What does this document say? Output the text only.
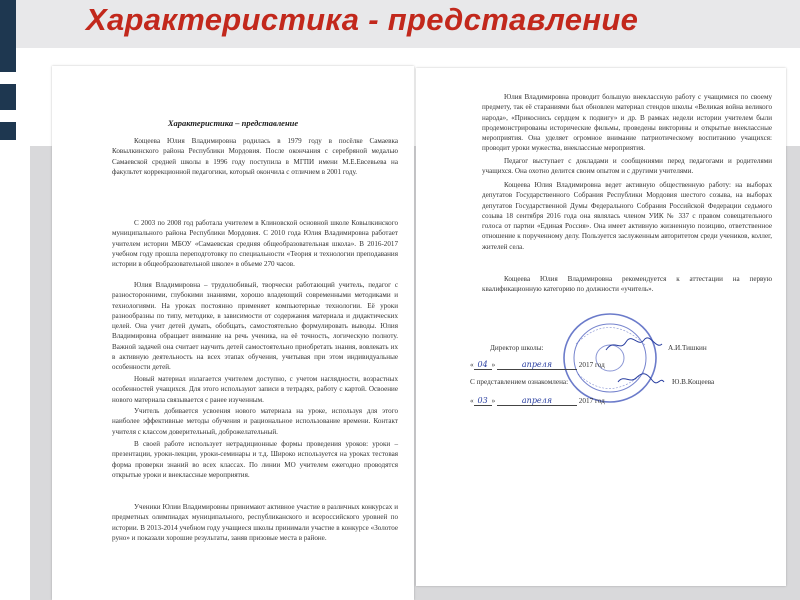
Характеристика - представление
Характеристика – представление

Кощеева Юлия Владимировна родилась в 1979 году в посёлке Самаевка Ковылкинского района Республики Мордовия. После окончания с серебряной медалью Самаевской средней школы в 1996 году поступила в МГПИ имени М.Е.Евсевьева на факультет коррекционной педагогики, который окончила с отличием в 2001 году.

С 2003 по 2008 год работала учителем в Клиновской основной школе Ковылкинского муниципального района Республики Мордовия. С 2010 года Юлия Владимировна работает учителем истории МБОУ «Самаевская средняя общеобразовательная школа». В 2016-2017 учебном году прошла переподготовку по специальности «Теория и технологии преподавания истории в общеобразовательной школе» в объеме 270 часов.

Юлия Владимировна – трудолюбивый, творчески работающий учитель, педагог с разносторонними, глубокими знаниями, хорошо владеющий современными методиками и технологиями. На уроках постоянно применяет компьютерные технологии. Её уроки разнообразны по типу, методике, в зависимости от содержания материала и дидактических целей. Она учит детей думать, обобщать, самостоятельно формулировать выводы. Юлия Владимировна обращает внимание на речь ученика, на её точность, логическую полноту. Важной задачей она считает научить детей самостоятельно приобретать знания, вовлекать их в активную деятельность на всех этапах обучения, учитывая при этом индивидуальные особенности детей.

Новый материал излагается учителем доступно, с учетом наглядности, возрастных особенностей учащихся. Для этого используют записи в тетрадях, работу с картой. Освоение нового материала связывается с ранее изученным.

Учитель добивается усвоения нового материала на уроке, используя для этого наиболее эффективные методы обучения и рациональное использование времени. Контакт учителя с классом доверительный, доброжелательный.

В своей работе использует нетрадиционные формы проведения уроков: уроки – презентации, уроки-лекции, уроки-семинары и т.д. Широко используется на уроках тестовая форма проверки знаний во всех классах. По линии МО учителем ежегодно проводятся открытые уроки и внеклассные мероприятия.

Ученики Юлии Владимировны принимают активное участие в различных конкурсах и предметных олимпиадах муниципального, республиканского и всероссийского уровней по истории. В 2013-2014 учебном году учащиеся школы принимали участие в конкурсе «Золотое руно» и показали хорошие результаты, заняв призовые места в районе.

Юлия Владимировна проводит большую внеклассную работу с учащимися по своему предмету, так её стараниями был обновлен материал стендов школы «Великая война великого народа», «Прикоснись сердцем к подвигу» и др. В рамках недели истории учителем были продемонстрированы исторические фильмы, проведены викторины и открытые внеклассные мероприятия. Она уделяет огромное внимание патриотическому воспитанию учащихся: проводит уроки мужества, внеклассные мероприятия.

Педагог выступает с докладами и сообщениями перед педагогами и родителями учащихся. Она охотно делится своим опытом и с другими учителями.

Кощеева Юлия Владимировна ведет активную общественную работу: на выборах депутатов Государственного Собрания Республики Мордовия шестого созыва, на выборах депутатов Государственной Думы Федерального Собрания Российской Федерации седьмого созыва 18 сентября 2016 года она являлась членом УИК № 337 с правом совещательного голоса от партии «Единая Россия». Она имеет активную жизненную позицию, ответственное отношение к порученному делу. Пользуется заслуженным авторитетом среди учеников, коллег, жителей села.

Кощеева Юлия Владимировна рекомендуется к аттестации на первую квалификационную категорию по должности «учитель».

Директор школы:	А.И.Тишкин
« 04 »	апреля	2017 год
С представлением ознакомлена:	Ю.В.Кощеева
« 03 »	апреля	2017 год
